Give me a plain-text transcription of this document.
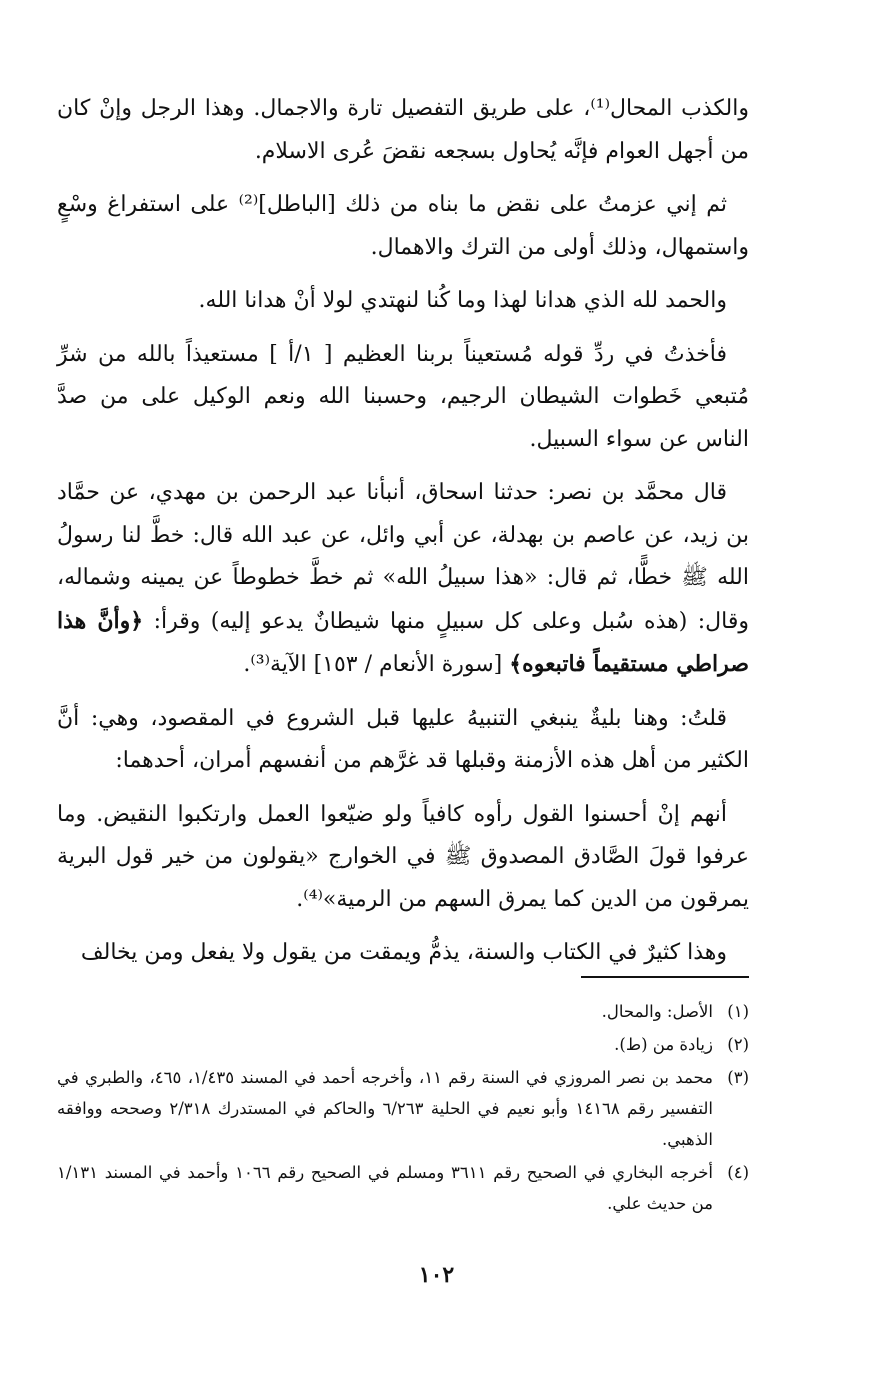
والكذب المحال⁽¹⁾، على طريق التفصيل تارة والاجمال. وهذا الرجل وإنْ كان من أجهل العوام فإنَّه يُحاول بسجعه نقضَ عُرى الاسلام.

ثم إني عزمتُ على نقض ما بناه من ذلك [الباطل]⁽²⁾ على استفراغ وسْعٍ واستمهال، وذلك أولى من الترك والاهمال.

والحمد لله الذي هدانا لهذا وما كُنا لنهتدي لولا أنْ هدانا الله.

فأخذتُ في ردِّ قوله مُستعيناً بربنا العظيم [ ١/أ ] مستعيذاً بالله من شرِّ مُتبعي خَطوات الشيطان الرجيم، وحسبنا الله ونعم الوكيل على من صدَّ الناس عن سواء السبيل.

قال محمَّد بن نصر: حدثنا اسحاق، أنبأنا عبد الرحمن بن مهدي، عن حمَّاد بن زيد، عن عاصم بن بهدلة، عن أبي وائل، عن عبد الله قال: خطَّ لنا رسولُ الله ﷺ خطًّا، ثم قال: «هذا سبيلُ الله» ثم خطَّ خطوطاً عن يمينه وشماله، وقال: (هذه سُبل وعلى كل سبيلٍ منها شيطانٌ يدعو إليه) وقرأ: ﴿وأنَّ هذا صراطي مستقيماً فاتبعوه﴾ [سورة الأنعام / ١٥٣] الآية⁽³⁾.

قلتُ: وهنا بليةٌ ينبغي التنبيهُ عليها قبل الشروع في المقصود، وهي: أنَّ الكثير من أهل هذه الأزمنة وقبلها قد غرَّهم من أنفسهم أمران، أحدهما:

أنهم إنْ أحسنوا القول رأوه كافياً ولو ضيّعوا العمل وارتكبوا النقيض. وما عرفوا قولَ الصَّادق المصدوق ﷺ في الخوارج «يقولون من خير قول البرية يمرقون من الدين كما يمرق السهم من الرمية»⁽⁴⁾.

وهذا كثيرٌ في الكتاب والسنة، يذمُّ ويمقت من يقول ولا يفعل ومن يخالف

(١)
الأصل: والمحال.
(٢)
زيادة من (ط).
(٣)
محمد بن نصر المروزي في السنة رقم ١١، وأخرجه أحمد في المسند ١/٤٣٥، ٤٦٥، والطبري في التفسير رقم ١٤١٦٨ وأبو نعيم في الحلية ٦/٢٦٣ والحاكم في المستدرك ٢/٣١٨ وصححه ووافقه الذهبي.
(٤)
أخرجه البخاري في الصحيح رقم ٣٦١١ ومسلم في الصحيح رقم ١٠٦٦ وأحمد في المسند ١/١٣١ من حديث علي.
١٠٢
